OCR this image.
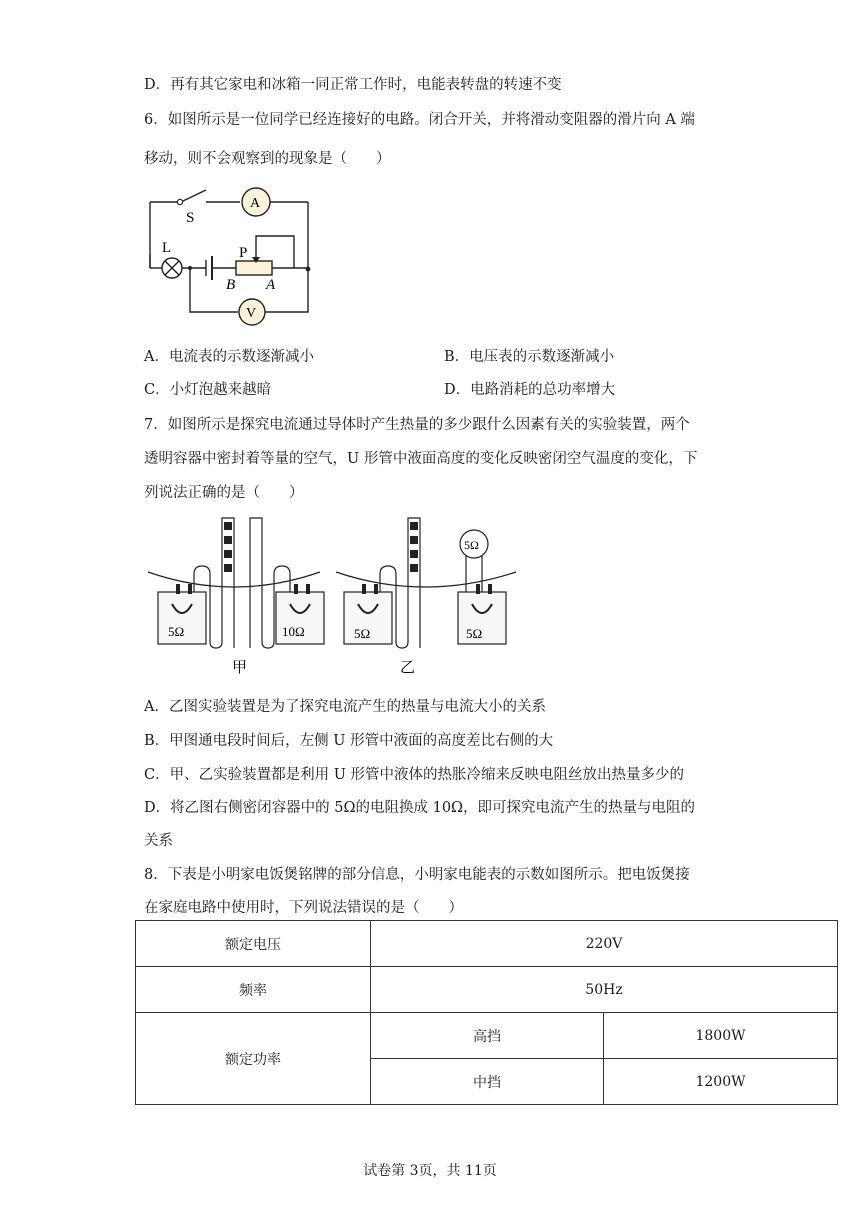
D．再有其它家电和冰箱一同正常工作时，电能表转盘的转速不变
6．如图所示是一位同学已经连接好的电路。闭合开关，并将滑动变阻器的滑片向 A 端
移动，则不会观察到的现象是（　　）
S
A
L	P
B A
V
A．电流表的示数逐渐减小	B．电压表的示数逐渐减小
C．小灯泡越来越暗	D．电路消耗的总功率增大
7．如图所示是探究电流通过导体时产生热量的多少跟什么因素有关的实验装置，两个
透明容器中密封着等量的空气，U 形管中液面高度的变化反映密闭空气温度的变化，下
列说法正确的是（　　）
5Ω	10Ω	5Ω	5Ω
5Ω
甲	乙
A．乙图实验装置是为了探究电流产生的热量与电流大小的关系
B．甲图通电段时间后，左侧 U 形管中液面的高度差比右侧的大
C．甲、乙实验装置都是利用 U 形管中液体的热胀冷缩来反映电阻丝放出热量多少的
D．将乙图右侧密闭容器中的 5Ω的电阻换成 10Ω，即可探究电流产生的热量与电阻的
关系
8．下表是小明家电饭煲铭牌的部分信息，小明家电能表的示数如图所示。把电饭煲接
在家庭电路中使用时，下列说法错误的是（　　）
额定电压	220V	
频率	50Hz	
额定功率	高挡	1800W
	中挡	1200W
试卷第 3页，共 11页
